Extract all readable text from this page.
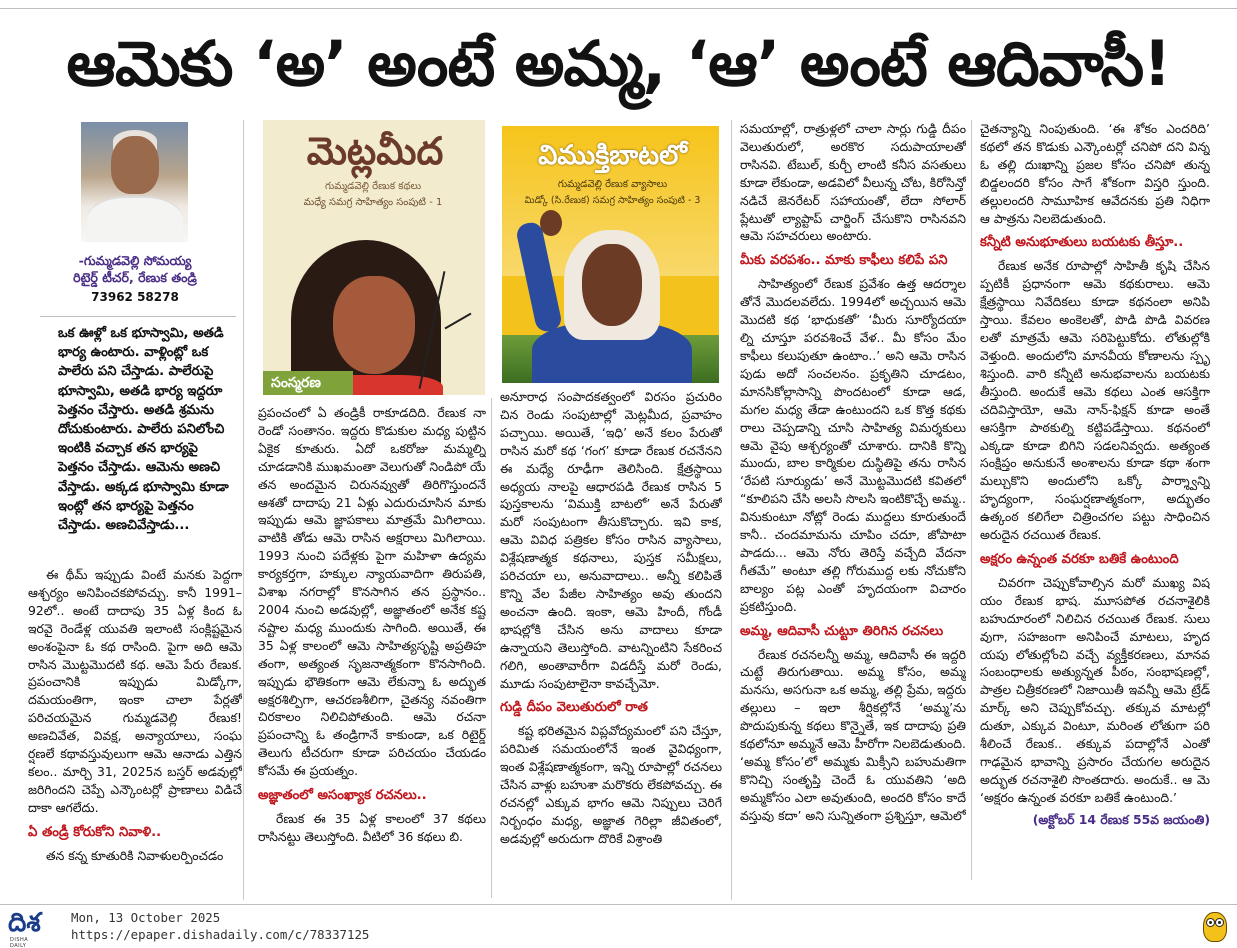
ఆమెకు ‘అ’ అంటే అమ్మ, ‘ఆ’ అంటే ఆదివాసీ!
-గుమ్మడవెల్లి సోమయ్య
రిటైర్డ్ టీచర్, రేణుక తండ్రి
73962 58278
ఒక ఊళ్లో ఒక భూస్వామి, అతడి భార్య ఉంటారు. వాళ్లింట్లో ఒక పాలేరు పని చేస్తాడు. పాలేరుపై భూస్వామి, అతడి భార్య ఇద్దరూ పెత్తనం చేస్తారు. అతడి శ్రమను దోచుకుంటారు. పాలేరు పనిలోంచి ఇంటికి వచ్చాక తన భార్యపై పెత్తనం చేస్తాడు. ఆమెను అణచి వేస్తాడు. అక్కడ భూస్వామి కూడా ఇంట్లో తన భార్యపై పెత్తనం చేస్తాడు. అణచివేస్తాడు...
మెట్లమీద
గుమ్మడవెల్లి రేణుక కథలు
మధ్యే సమగ్ర సాహిత్యం సంపుటి - 1
సంస్మరణ
విముక్తిబాటలో
గుమ్మడవెల్లి రేణుక వ్యాసాలు
మిడ్కో (సి.రేణుక) సమగ్ర సాహిత్యం సంపుటి - 3

ఈ థీమ్ ఇప్పుడు వింటే మనకు పెద్దగా ఆశ్చర్యం అనిపించకపోవచ్చు. కానీ 1991–92లో.. అంటే దాదాపు 35 ఏళ్ల కింద ఓ ఇరవై రెండేళ్ల యువతి ఇలాంటి సంక్లిష్టమైన అంశంపైనా ఓ కథ రాసింది. పైగా అది ఆమె రాసిన మొట్టమొదటి కథ. ఆమె పేరు రేణుక. ప్రపంచానికి ఇప్పుడు మిడ్కోగా, దమయంతిగా, ఇంకా చాలా పేర్లతో పరిచయమైన గుమ్మడవెల్లి రేణుక! అణచివేత, వివక్ష, అన్యాయాలు, సంఘ ర్షణలే కథావస్తువులుగా ఆమె ఆనాడు ఎత్తిన కలం.. మార్చి 31, 2025న బస్తర్ అడవుల్లో జరిగిందని చెప్పే ఎన్కౌంటర్లో ప్రాణాలు విడిచే దాకా ఆగలేదు.

ఏ తండ్రీ కోరుకోని నివాళి..

తన కన్న కూతురికి నివాళులర్పించడం

ప్రపంచంలో ఏ తండ్రికీ రాకూడదిది. రేణుక నా రెండో సంతానం. ఇద్దరు కొడుకుల మధ్య పుట్టిన ఏకైక కూతురు. ఏదో ఒకరోజు మమ్మల్ని చూడడానికి ముఖమంతా వెలుగుతో నిండిపో యే తన అందమైన చిరునవ్వుతో తిరిగొస్తుందనే ఆశతో దాదాపు 21 ఏళ్లు ఎదురుచూసిన మాకు ఇప్పుడు ఆమె జ్ఞాపకాలు మాత్రమే మిగిలాయి. వాటికి తోడు ఆమె రాసిన అక్షరాలు మిగిలాయి. 1993 నుంచి పదేళ్లకు పైగా మహిళా ఉద్యమ కార్యకర్తగా, హక్కుల న్యాయవాదిగా తిరుపతి, విశాఖ నగరాల్లో కొనసాగిన తన ప్రస్థానం.. 2004 నుంచి అడవుల్లో, అజ్ఞాతంలో అనేక కష్ట నష్టాల మధ్య ముందుకు సాగింది. అయితే, ఈ 35 ఏళ్ల కాలంలో ఆమె సాహిత్యసృష్టి అప్రతిహ తంగా, అత్యంత సృజనాత్మకంగా కొనసాగింది. ఇప్పుడు భౌతికంగా ఆమె లేకున్నా ఓ అద్భుత అక్షరశిల్పిగా, ఆచరణశీలిగా, చైతన్య నవంతిగా చిరకాలం నిలిచిపోతుంది. ఆమె రచనా ప్రపంచాన్ని ఓ తండ్రిగానే కాకుండా, ఒక రిటైర్డ్ తెలుగు టీచరుగా కూడా పరిచయం చేయడం కోసమే ఈ ప్రయత్నం.

అజ్ఞాతంలో అసంఖ్యాక రచనలు..

రేణుక ఈ 35 ఏళ్ల కాలంలో 37 కథలు రాసినట్టు తెలుస్తోంది. వీటిలో 36 కథలు బి.

అనూరాధ సంపాదకత్వంలో విరసం ప్రచురిం చిన రెండు సంపుటాల్లో మెట్లమీద, ప్రవాహం పచ్చాయి. అయితే, ‘ఇధి’ అనే కలం పేరుతో రాసిన మరో కథ ‘గంగ’ కూడా రేణుక రచనేనని ఈ మధ్యే రూఢీగా తెలిసింది. క్షేత్రస్థాయి అధ్యయ నాలపై ఆధారపడి రేణుక రాసిన 5 పుస్తకాలను ‘విముక్తి బాటలో’ అనే పేరుతో మరో సంపుటంగా తీసుకొచ్చారు. ఇవి కాక, ఆమె వివిధ పత్రికల కోసం రాసిన వ్యాసాలు, విశ్లేషణాత్మక కథనాలు, పుస్తక సమీక్షలు, పరిచయా లు, అనువాదాలు.. అన్నీ కలిపితే కొన్ని వేల పేజీల సాహిత్యం అవు తుందని అంచనా ఉంది. ఇంకా, ఆమె హిందీ, గోండీ భాషల్లోకి చేసిన అను వాదాలు కూడా ఉన్నాయని తెలుస్తోంది. వాటన్నింటిని సేకరించ గలిగి, అంతావారీగా విడదీస్తే మరో రెండు, మూడు సంపుటాలైనా కావచ్చేమో.

గుడ్డి దీపం వెలుతురులో రాత

కష్ట భరితమైన విప్లవోద్యమంలో పని చేస్తూ, పరిమిత సమయంలోనే ఇంత వైవిధ్యంగా, ఇంత విశ్లేషణాత్మకంగా, ఇన్ని రూపాల్లో రచనలు చేసిన వాళ్లు బహుశా మరొకరు లేకపోవచ్చు. ఈ రచనల్లో ఎక్కువ భాగం ఆమె నిప్పులు చెరిగే నిర్బంధం మధ్య, అజ్ఞాత గెరిల్లా జీవితంలో, అడవుల్లో అరుదుగా దొరికే విశ్రాంతి

సమయాల్లో, రాత్రుళ్లలో చాలా సార్లు గుడ్డి దీపం వెలుతురులో, అరకొర సదుపాయాలతో రాసినవి. టేబుల్, కుర్చీ లాంటి కనీస వసతులు కూడా లేకుండా, అడవిలో వీలున్న చోట, కిరోసిన్తో నడిచే జెనరేటర్ సహాయంతో, లేదా సోలార్ ప్లేటుతో ల్యాప్టాప్ చార్జింగ్ చేసుకొని రాసినవని ఆమె సహచరులు అంటారు.

మీకు వరపశం.. మాకు కాఫీలు కలిపే పని

సాహిత్యంలో రేణుక ప్రవేశం ఉత్త ఆదర్శాల తోనే మొదలవలేదు. 1994లో అచ్చయిన ఆమె మొదటి కథ ‘భాధుకతో’ ‘మీరు సూర్యోదయా ల్ని చూస్తూ పరవశించే వేళ.. మీ కోసం మేం కాఫీలు కలుపుతూ ఉంటాం..’ అని ఆమె రాసిన పుడు అదో సంచలనం. ప్రకృతిని చూడటం, మానసికోల్లాసాన్ని పొందటంలో కూడా ఆడ, మగల మధ్య తేడా ఉంటుందని ఒక కొత్త కథకు రాలు చెప్పడాన్ని చూసి సాహిత్య విమర్శకులు ఆమె వైపు ఆశ్చర్యంతో చూశారు. దానికి కొన్ని ముందు, బాల కార్మికుల దుస్థితిపై తను రాసిన ‘రేపటి సూర్యుడు’ అనే మొట్టమొదటి కవితలో “కూలిపని చేసి అలసి సొలసి ఇంటికొచ్చే అమ్మ.. వినుకుంటూ నోట్లో రెండు ముద్దలు కూరుతుందే కానీ.. చందమామను చూపిం చదూ, జోపాటా పాడదు... ఆమె నోరు తెరిస్తే వచ్చేది వేదనా గీతమే” అంటూ తల్లి గోరుముద్ద లకు నోచుకోని బాల్యం పట్ల ఎంతో హృదయంగా విచారం ప్రకటిస్తుంది.

అమ్మ, ఆదివాసీ చుట్టూ తిరిగిన రచనలు

రేణుక రచనలన్నీ అమ్మ, ఆదివాసీ ఈ ఇద్దరి చుట్టే తిరుగుతాయి. అమ్మ కోసం, అమ్మ మనసు, అసగునా ఒక అమ్మ, తల్లి ప్రేమ, ఇద్దరు తల్లులు – ఇలా శీర్షికల్లోనే ‘అమ్మ’ను పొదుపుకున్న కథలు కొన్నైతే, ఇక దాదాపు ప్రతి కథలోనూ అమ్మనే ఆమె హీరోగా నిలబెడుతుంది. ‘అమ్మ కోసం’లో అమ్మకు మిక్సీని బహుమతిగా కొనిచ్చి సంతృప్తి చెందే ఓ యువతిని ‘అది అమ్మకోసం ఎలా అవుతుంది, అందరి కోసం కాదే వస్తువు కదా’ అని సున్నితంగా ప్రశ్నిస్తూ, ఆమెలో

చైతన్యాన్ని నింపుతుంది. ‘ఈ శోకం ఎందరిది’ కథలో తన కొడుకు ఎన్కౌంటర్లో చనిపో దని విన్న ఓ తల్లి దుఃఖాన్ని ప్రజల కోసం చనిపో తున్న బిడ్డలందరి కోసం సాగే శోకంగా విస్తరి స్తుంది. తల్లులందరి సామూహిక ఆవేదనకు ప్రతి నిధిగా ఆ పాత్రను నిలబెడుతుంది.

కన్నీటి అనుభూతులు బయటకు తీస్తూ..

రేణుక అనేక రూపాల్లో సాహితీ కృషి చేసిన ప్పటికీ ప్రధానంగా ఆమె కథకురాలు. ఆమె క్షేత్రస్థాయి నివేదికలు కూడా కథనంలా అనిపి స్తాయి. కేవలం అంకెలతో, పొడి పొడి వివరణ లతో మాత్రమే ఆమె సరిపెట్టుకోదు. లోతుల్లోకి వెళ్తుంది. అందులోని మానవీయ కోణాలను స్పృ శిస్తుంది. వారి కన్నీటి అనుభవాలను బయటకు తీస్తుంది. అందుకే ఆమె కథలు ఎంత ఆసక్తిగా చదివిస్తాయో, ఆమె నాన్-ఫిక్షన్ కూడా అంతే ఆసక్తిగా పాఠకుల్ని కట్టిపడేస్తాయి. కథనంలో ఎక్కడా కూడా బిగిని సడలనివ్వదు. అత్యంత సంక్షిప్తం అనుకునే అంశాలను కూడా కథా శంగా మల్చుకొని అందులోని ఒక్కో పార్శ్వాన్ని హృద్యంగా, సంఘర్షణాత్మకంగా, అద్భుతం ఉత్కంఠ కలిగేలా చిత్రించగల పట్టు సాధించిన అరుదైన రచయిత రేణుక.

అక్షరం ఉన్నంత వరకూ బతికే ఉంటుంది

చివరగా చెప్పుకోవాల్సిన మరో ముఖ్య విష యం రేణుక భాష. మూసపోత రచనాశైలికి బహుదూరంలో నిలిచిన రచయిత రేణుక. సులు వుగా, సహజంగా అనిపించే మాటలు, హృద యపు లోతుల్లోంచి వచ్చే వ్యక్తీకరణలు, మానవ సంబంధాలకు అత్యున్నత పీఠం, సంభాషణల్లో, పాత్రల చిత్రీకరణలో నిజాయితీ ఇవన్నీ ఆమె ట్రేడ్ మార్క్ అని చెప్పుకోవచ్చు. తక్కువ మాటల్లో దుతూ, ఎక్కువ వింటూ, మరింత లోతుగా పరి శీలించే రేణుక.. తక్కువ పదాల్లోనే ఎంతో గాఢమైన భావాన్ని ప్రసారం చేయగల అరుదైన అద్భుత రచనాశైలి సొంతదారు. అందుకే.. ఆ మె ‘అక్షరం ఉన్నంత వరకూ బతికే ఉంటుంది.’

(అక్టోబర్ 14 రేణుక 55వ జయంతి)
దిశ
DISHA DAILY
Mon, 13 October 2025
https://epaper.dishadaily.com/c/78337125
